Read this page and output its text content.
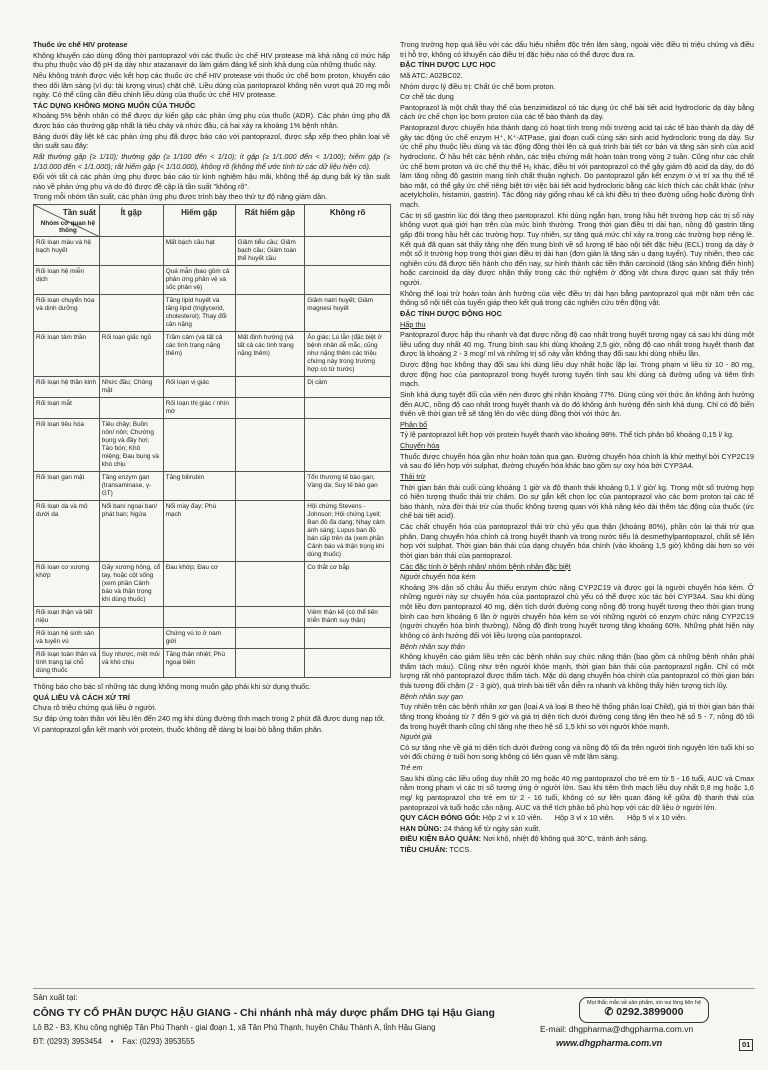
Thuốc ức chế HIV protease

Không khuyến cáo dùng đồng thời pantoprazol với các thuốc ức chế HIV protease mà khả năng có mức hấp thu phụ thuộc vào độ pH dạ dày như atazanavir do làm giảm đáng kể sinh khả dụng của những thuốc này.

Nếu không tránh được việc kết hợp các thuốc ức chế HIV protease với thuốc ức chế bơm proton, khuyến cáo theo dõi lâm sàng (ví dụ: tải lượng virus) chặt chẽ. Liều dùng của pantoprazol không nên vượt quá 20 mg mỗi ngày. Có thể cũng cần điều chỉnh liều dùng của thuốc ức chế HIV protease.

TÁC DỤNG KHÔNG MONG MUỐN CỦA THUỐC

Khoảng 5% bệnh nhân có thể được dự kiến gặp các phản ứng phụ của thuốc (ADR). Các phản ứng phụ đã được báo cáo thường gặp nhất là tiêu chảy và nhức đầu, cả hai xảy ra khoảng 1% bệnh nhân.

Bảng dưới đây liệt kê các phản ứng phụ đã được báo cáo với pantoprazol, được sắp xếp theo phân loại về tần suất sau đây:

Rất thường gặp (≥ 1/10); thường gặp (≥ 1/100 đến < 1/10); ít gặp (≥ 1/1.000 đến < 1/100); hiếm gặp (≥ 1/10.000 đến < 1/1.000); rất hiếm gặp (< 1/10.000), không rõ (không thể ước tính từ các dữ liệu hiện có).

Đối với tất cả các phản ứng phụ được báo cáo từ kinh nghiệm hậu mãi, không thể áp dụng bất kỳ tần suất nào về phản ứng phụ và do đó được đề cập là tần suất "không rõ".

Trong mỗi nhóm tần suất, các phản ứng phụ được trình bày theo thứ tự độ nặng giảm dần.

Tần suất
Nhóm cơ quan hệ thống	Ít gặp	Hiếm gặp	Rất hiếm gặp	Không rõ
Rối loạn máu và hệ bạch huyết		Mất bạch cầu hạt	Giảm tiểu cầu; Giảm bạch cầu; Giảm toàn thể huyết cầu	
Rối loạn hệ miễn dịch		Quá mẫn (bao gồm cả phản ứng phản vệ và sốc phản vệ)		
Rối loạn chuyển hóa và dinh dưỡng		Tăng lipid huyết và tăng lipid (triglycerid, cholesterol); Thay đổi cân nặng		Giảm natri huyết; Giảm magnesi huyết
Rối loạn tâm thần	Rối loạn giấc ngủ	Trầm cảm (và tất cả các tình trạng nặng thêm)	Mất định hướng (và tất cả các tình trạng nặng thêm)	Ảo giác; Lú lẫn (đặc biệt ở bệnh nhân dễ mắc, cũng như nặng thêm các triệu chứng này trong trường hợp có từ trước)
Rối loạn hệ thần kinh	Nhức đầu; Chóng mặt	Rối loạn vị giác		Dị cảm
Rối loạn mắt		Rối loạn thị giác / nhìn mờ		
Rối loạn tiêu hóa	Tiêu chảy; Buồn nôn/ nôn; Chướng bụng và đầy hơi; Táo bón; Khô miệng; Đau bụng và khó chịu			
Rối loạn gan mật	Tăng enzym gan (transaminase, γ-GT)	Tăng bilirubin		Tổn thương tế bào gan; Vàng da; Suy tế bào gan
Rối loạn da và mô dưới da	Nổi ban/ ngoại ban/ phát ban; Ngứa	Nổi mày đay; Phù mạch		Hội chứng Stevens - Johnson; Hội chứng Lyell; Ban đỏ đa dạng; Nhạy cảm ánh sáng; Lupus ban đỏ bán cấp trên da (xem phần Cảnh báo và thận trọng khi dùng thuốc)
Rối loạn cơ xương khớp	Gãy xương hông, cổ tay, hoặc cột sống (xem phần Cảnh báo và thận trọng khi dùng thuốc)	Đau khớp; Đau cơ		Co thắt cơ bắp
Rối loạn thận và tiết niệu				Viêm thận kẽ (có thể tiến triển thành suy thận)
Rối loạn hệ sinh sản và tuyến vú		Chứng vú to ở nam giới		
Rối loạn toàn thân và tình trạng tại chỗ dùng thuốc	Suy nhược, mệt mỏi và khó chịu	Tăng thân nhiệt; Phù ngoại biên		

Thông báo cho bác sĩ những tác dụng không mong muốn gặp phải khi sử dụng thuốc.

QUÁ LIỀU VÀ CÁCH XỬ TRÍ

Chưa rõ triệu chứng quá liều ở người.

Sự đáp ứng toàn thân với liều lên đến 240 mg khi dùng đường tĩnh mạch trong 2 phút đã được dung nạp tốt.

Vì pantoprazol gắn kết mạnh với protein, thuốc không dễ dàng bị loại bỏ bằng thẩm phân.

Trong trường hợp quá liều với các dấu hiệu nhiễm độc trên lâm sàng, ngoài việc điều trị triệu chứng và điều trị hỗ trợ, không có khuyến cáo điều trị đặc hiệu nào có thể được đưa ra.

ĐẶC TÍNH DƯỢC LỰC HỌC

Mã ATC: A02BC02.

Nhóm dược lý điều trị: Chất ức chế bơm proton.

Cơ chế tác dụng

Pantoprazol là một chất thay thế của benzimidazol có tác dụng ức chế bài tiết acid hydrocloric dạ dày bằng cách ức chế chọn lọc bơm proton của các tế bào thành dạ dày.

Pantoprazol được chuyển hóa thành dạng có hoạt tính trong môi trường acid tại các tế bào thành dạ dày để gây tác động ức chế enzym H⁺, K⁺-ATPase, giai đoạn cuối cùng sản sinh acid hydrocloric trong dạ dày. Sự ức chế phụ thuộc liều dùng và tác động đồng thời lên cả quá trình bài tiết cơ bản và tăng sản sinh của acid hydrocloric. Ở hầu hết các bệnh nhân, các triệu chứng mất hoàn toàn trong vòng 2 tuần. Cũng như các chất ức chế bơm proton và ức chế thụ thể H₂ khác, điều trị với pantoprazol có thể gây giảm độ acid dạ dày, do đó làm tăng nồng độ gastrin mang tính chất thuận nghịch. Do pantoprazol gắn kết enzym ở vị trí xa thụ thể tế bào mặt, có thể gây ức chế riêng biệt tới việc bài tiết acid hydrocloric bằng các kích thích các chất khác (như acetylcholin, histamin, gastrin). Tác động này giống nhau kể cả khi điều trị theo đường uống hoặc đường tĩnh mạch.

Các trị số gastrin lúc đói tăng theo pantoprazol. Khi dùng ngắn hạn, trong hầu hết trường hợp các trị số này không vượt quá giới hạn trên của mức bình thường. Trong thời gian điều trị dài hạn, nồng độ gastrin tăng gấp đôi trong hầu hết các trường hợp. Tuy nhiên, sự tăng quá mức chỉ xảy ra trong các trường hợp riêng lẻ. Kết quả đã quan sát thấy tăng nhẹ đến trung bình về số lượng tế bào nội tiết đặc hiệu (ECL) trong dạ dày ở một số ít trường hợp trong thời gian điều trị dài hạn (đơn giản là tăng sản u dạng tuyến). Tuy nhiên, theo các nghiên cứu đã được tiến hành cho đến nay, sự hình thành các tiền thân carcinoid (tăng sản không điển hình) hoặc carcinoid dạ dày được nhận thấy trong các thử nghiệm ở động vật chưa được quan sát thấy trên người.

Không thể loại trừ hoàn toàn ảnh hưởng của việc điều trị dài hạn bằng pantoprazol quá một năm trên các thông số nội tiết của tuyến giáp theo kết quả trong các nghiên cứu trên động vật.

ĐẶC TÍNH DƯỢC ĐỘNG HỌC

Hấp thu

Pantoprazol được hấp thu nhanh và đạt được nồng độ cao nhất trong huyết tương ngay cả sau khi dùng một liều uống duy nhất 40 mg. Trung bình sau khi dùng khoảng 2,5 giờ, nồng độ cao nhất trong huyết thanh đạt được là khoảng 2 - 3 mcg/ ml và những trị số này vẫn không thay đổi sau khi dùng nhiều lần.

Dược động học không thay đổi sau khi dùng liều duy nhất hoặc lặp lại. Trong phạm vi liều từ 10 - 80 mg, dược động học của pantoprazol trong huyết tương tuyến tính sau khi dùng cả đường uống và tiêm tĩnh mạch.

Sinh khả dụng tuyệt đối của viên nén được ghi nhận khoảng 77%. Dùng cùng với thức ăn không ảnh hưởng đến AUC, nồng độ cao nhất trong huyết thanh và do đó không ảnh hưởng đến sinh khả dụng. Chỉ có độ biến thiên về thời gian trễ sẽ tăng lên do việc dùng đồng thời với thức ăn.

Phân bố

Tỷ lệ pantoprazol kết hợp với protein huyết thanh vào khoảng 98%. Thể tích phân bố khoảng 0,15 l/ kg.

Chuyển hóa

Thuốc được chuyển hóa gần như hoàn toàn qua gan. Đường chuyển hóa chính là khử methyl bởi CYP2C19 và sau đó liên hợp với sulphat, đường chuyển hóa khác bao gồm sự oxy hóa bởi CYP3A4.

Thải trừ

Thời gian bán thải cuối cùng khoảng 1 giờ và độ thanh thải khoảng 0,1 l/ giờ/ kg. Trong một số trường hợp có hiện tượng thuốc thải trừ chậm. Do sự gắn kết chọn lọc của pantoprazol vào các bơm proton tại các tế bào thành, nửa đời thải trừ của thuốc không tương quan với khả năng kéo dài thêm tác động của thuốc (ức chế bài tiết acid).

Các chất chuyển hóa của pantoprazol thải trừ chủ yếu qua thận (khoảng 80%), phần còn lại thải trừ qua phân. Dạng chuyển hóa chính cả trong huyết thanh và trong nước tiểu là desmethylpantoprazol, chất sẽ liên hợp với sulphat. Thời gian bán thải của dạng chuyển hóa chính (vào khoảng 1,5 giờ) không dài hơn so với thời gian bán thải của pantoprazol.

Các đặc tính ở bệnh nhân/ nhóm bệnh nhân đặc biệt

Người chuyển hóa kém

Khoảng 3% dân số châu Âu thiếu enzym chức năng CYP2C19 và được gọi là người chuyển hóa kém. Ở những người này sự chuyển hóa của pantoprazol chủ yếu có thể được xúc tác bởi CYP3A4. Sau khi dùng một liều đơn pantoprazol 40 mg, diện tích dưới đường cong nồng độ trong huyết tương theo thời gian trung bình cao hơn khoảng 6 lần ở người chuyển hóa kém so với những người có enzym chức năng CYP2C19 (người chuyển hóa bình thường). Nồng độ đỉnh trong huyết tương tăng khoảng 60%. Những phát hiện này không có ảnh hưởng đối với liều lượng của pantoprazol.

Bệnh nhân suy thận

Không khuyến cáo giảm liều trên các bệnh nhân suy chức năng thận (bao gồm cả những bệnh nhân phải thẩm tách máu). Cũng như trên người khỏe mạnh, thời gian bán thải của pantoprazol ngắn. Chỉ có một lượng rất nhỏ pantoprazol được thẩm tách. Mặc dù dạng chuyển hóa chính của pantoprazol có thời gian bán thải tương đối chậm (2 - 3 giờ), quá trình bài tiết vẫn diễn ra nhanh và không thấy hiện tượng tích lũy.

Bệnh nhân suy gan

Tuy nhiên trên các bệnh nhân xơ gan (loại A và loại B theo hệ thống phân loại Child), giá trị thời gian bán thải tăng trong khoảng từ 7 đến 9 giờ và giá trị diện tích dưới đường cong tăng lên theo hệ số 5 - 7, nồng độ tối đa trong huyết thanh cũng chỉ tăng nhẹ theo hệ số 1,5 khi so với người khỏe mạnh.

Người già

Có sự tăng nhẹ về giá trị diện tích dưới đường cong và nồng độ tối đa trên người tình nguyện lớn tuổi khi so với đối chứng ở tuổi hơn song không có liên quan về mặt lâm sàng.

Trẻ em

Sau khi dùng các liều uống duy nhất 20 mg hoặc 40 mg pantoprazol cho trẻ em từ 5 - 16 tuổi, AUC và Cmax nằm trong phạm vi các trị số tương ứng ở người lớn. Sau khi tiêm tĩnh mạch liều duy nhất 0,8 mg hoặc 1,6 mg/ kg pantoprazol cho trẻ em từ 2 - 16 tuổi, không có sự liên quan đáng kể giữa độ thanh thải của pantoprazol và tuổi hoặc cân nặng. AUC và thể tích phân bố phù hợp với các dữ liệu ở người lớn.

QUY CÁCH ĐÓNG GÓI: Hộp 2 vỉ x 10 viên.      Hộp 3 vỉ x 10 viên.      Hộp 5 vỉ x 10 viên.

HẠN DÙNG: 24 tháng kể từ ngày sản xuất.

ĐIỀU KIỆN BẢO QUẢN: Nơi khô, nhiệt độ không quá 30°C, tránh ánh sáng.

TIÊU CHUẨN: TCCS.

Sản xuất tại:
CÔNG TY CỔ PHẦN DƯỢC HẬU GIANG - Chi nhánh nhà máy dược phẩm DHG tại Hậu Giang
Lô B2 - B3, Khu công nghiệp Tân Phú Thạnh - giai đoạn 1, xã Tân Phú Thạnh, huyện Châu Thành A, tỉnh Hậu Giang
ĐT: (0293) 3953454 • Fax: (0293) 3953555
Mọi thắc mắc về sản phẩm, xin vui lòng liên hệ
✆ 0292.3899000
E-mail: dhgpharma@dhgpharma.com.vn
www.dhgpharma.com.vn	01
